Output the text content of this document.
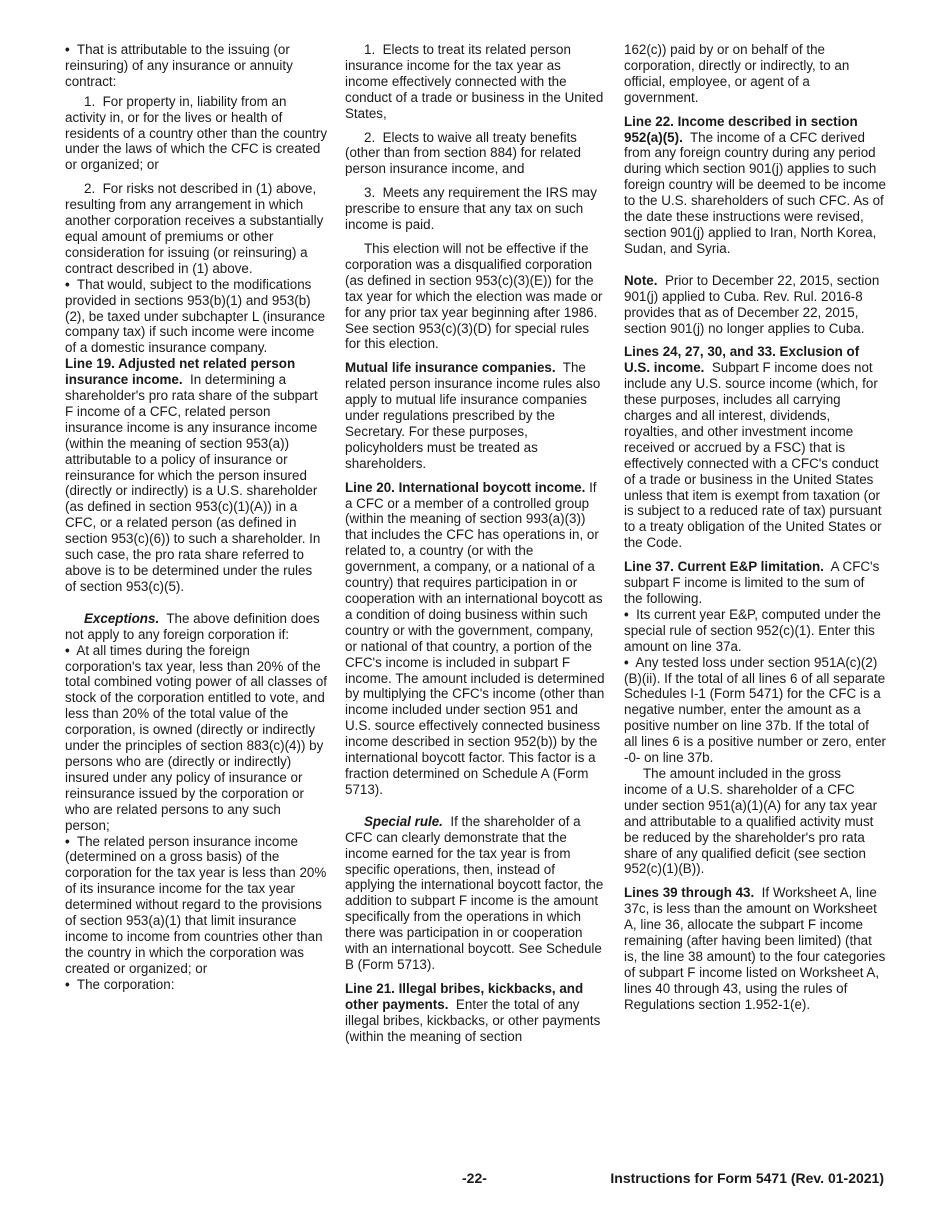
• That is attributable to the issuing (or reinsuring) of any insurance or annuity contract:

1.  For property in, liability from an activity in, or for the lives or health of residents of a country other than the country under the laws of which the CFC is created or organized; or

2.  For risks not described in (1) above, resulting from any arrangement in which another corporation receives a substantially equal amount of premiums or other consideration for issuing (or reinsuring) a contract described in (1) above.

• That would, subject to the modifications provided in sections 953(b)(1) and 953(b)(2), be taxed under subchapter L (insurance company tax) if such income were income of a domestic insurance company.

Line 19. Adjusted net related person insurance income. In determining a shareholder's pro rata share of the subpart F income of a CFC, related person insurance income is any insurance income (within the meaning of section 953(a)) attributable to a policy of insurance or reinsurance for which the person insured (directly or indirectly) is a U.S. shareholder (as defined in section 953(c)(1)(A)) in a CFC, or a related person (as defined in section 953(c)(6)) to such a shareholder. In such case, the pro rata share referred to above is to be determined under the rules of section 953(c)(5).

Exceptions. The above definition does not apply to any foreign corporation if:

• At all times during the foreign corporation's tax year, less than 20% of the total combined voting power of all classes of stock of the corporation entitled to vote, and less than 20% of the total value of the corporation, is owned (directly or indirectly under the principles of section 883(c)(4)) by persons who are (directly or indirectly) insured under any policy of insurance or reinsurance issued by the corporation or who are related persons to any such person;

• The related person insurance income (determined on a gross basis) of the corporation for the tax year is less than 20% of its insurance income for the tax year determined without regard to the provisions of section 953(a)(1) that limit insurance income to income from countries other than the country in which the corporation was created or organized; or

• The corporation:

1.  Elects to treat its related person insurance income for the tax year as income effectively connected with the conduct of a trade or business in the United States,

2.  Elects to waive all treaty benefits (other than from section 884) for related person insurance income, and

3.  Meets any requirement the IRS may prescribe to ensure that any tax on such income is paid.

This election will not be effective if the corporation was a disqualified corporation (as defined in section 953(c)(3)(E)) for the tax year for which the election was made or for any prior tax year beginning after 1986. See section 953(c)(3)(D) for special rules for this election.

Mutual life insurance companies. The related person insurance income rules also apply to mutual life insurance companies under regulations prescribed by the Secretary. For these purposes, policyholders must be treated as shareholders.

Line 20. International boycott income. If a CFC or a member of a controlled group (within the meaning of section 993(a)(3)) that includes the CFC has operations in, or related to, a country (or with the government, a company, or a national of a country) that requires participation in or cooperation with an international boycott as a condition of doing business within such country or with the government, company, or national of that country, a portion of the CFC's income is included in subpart F income. The amount included is determined by multiplying the CFC's income (other than income included under section 951 and U.S. source effectively connected business income described in section 952(b)) by the international boycott factor. This factor is a fraction determined on Schedule A (Form 5713).

Special rule. If the shareholder of a CFC can clearly demonstrate that the income earned for the tax year is from specific operations, then, instead of applying the international boycott factor, the addition to subpart F income is the amount specifically from the operations in which there was participation in or cooperation with an international boycott. See Schedule B (Form 5713).

Line 21. Illegal bribes, kickbacks, and other payments. Enter the total of any illegal bribes, kickbacks, or other payments (within the meaning of section

162(c)) paid by or on behalf of the corporation, directly or indirectly, to an official, employee, or agent of a government.

Line 22. Income described in section 952(a)(5). The income of a CFC derived from any foreign country during any period during which section 901(j) applies to such foreign country will be deemed to be income to the U.S. shareholders of such CFC. As of the date these instructions were revised, section 901(j) applied to Iran, North Korea, Sudan, and Syria.

Note. Prior to December 22, 2015, section 901(j) applied to Cuba. Rev. Rul. 2016-8 provides that as of December 22, 2015, section 901(j) no longer applies to Cuba.

Lines 24, 27, 30, and 33. Exclusion of U.S. income. Subpart F income does not include any U.S. source income (which, for these purposes, includes all carrying charges and all interest, dividends, royalties, and other investment income received or accrued by a FSC) that is effectively connected with a CFC's conduct of a trade or business in the United States unless that item is exempt from taxation (or is subject to a reduced rate of tax) pursuant to a treaty obligation of the United States or the Code.

Line 37. Current E&P limitation. A CFC's subpart F income is limited to the sum of the following.

• Its current year E&P, computed under the special rule of section 952(c)(1). Enter this amount on line 37a.

• Any tested loss under section 951A(c)(2)(B)(ii). If the total of all lines 6 of all separate Schedules I-1 (Form 5471) for the CFC is a negative number, enter the amount as a positive number on line 37b. If the total of all lines 6 is a positive number or zero, enter -0- on line 37b.

The amount included in the gross income of a U.S. shareholder of a CFC under section 951(a)(1)(A) for any tax year and attributable to a qualified activity must be reduced by the shareholder's pro rata share of any qualified deficit (see section 952(c)(1)(B)).

Lines 39 through 43. If Worksheet A, line 37c, is less than the amount on Worksheet A, line 36, allocate the subpart F income remaining (after having been limited) (that is, the line 38 amount) to the four categories of subpart F income listed on Worksheet A, lines 40 through 43, using the rules of Regulations section 1.952-1(e).

-22-	Instructions for Form 5471 (Rev. 01-2021)
